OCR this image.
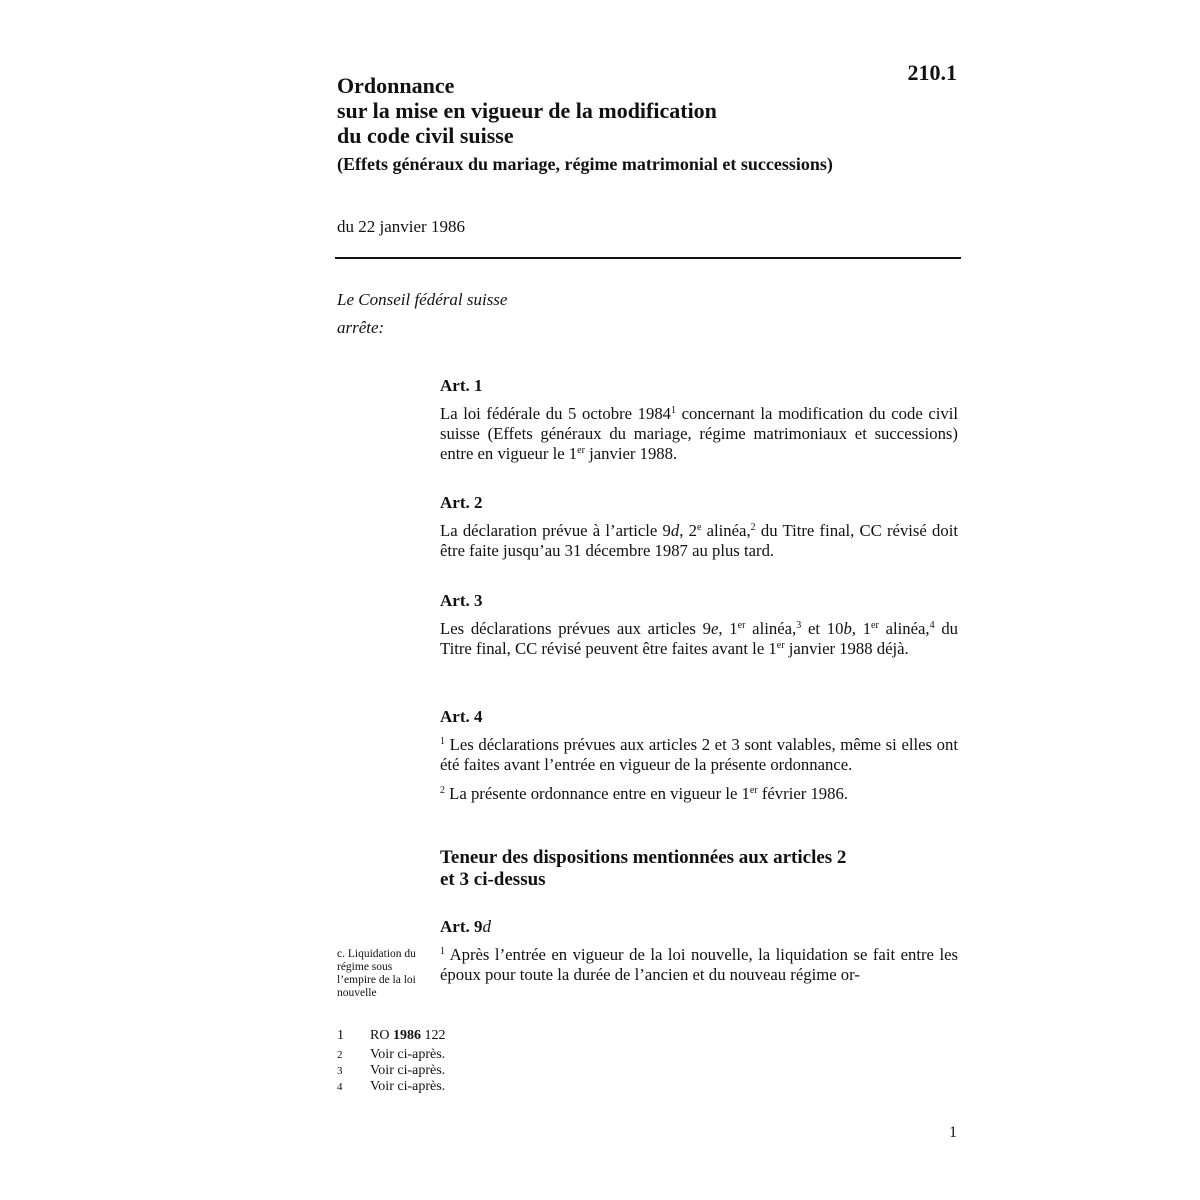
210.1
Ordonnance
sur la mise en vigueur de la modification
du code civil suisse
(Effets généraux du mariage, régime matrimonial et successions)
du 22 janvier 1986
Le Conseil fédéral suisse
arrête:
Art. 1

La loi fédérale du 5 octobre 1984$^1$ concernant la modification du code civil suisse (Effets généraux du mariage, régime matrimoniaux et successions) entre en vigueur le 1er janvier 1988.

Art. 2

La déclaration prévue à l’article 9d, 2e alinéa,$^2$ du Titre final, CC révisé doit être faite jusqu’au 31 décembre 1987 au plus tard.

Art. 3

Les déclarations prévues aux articles 9e, 1er alinéa,$^3$ et 10b, 1er alinéa,$^4$ du Titre final, CC révisé peuvent être faites avant le 1er janvier 1988 déjà.

Art. 4

$^1$ Les déclarations prévues aux articles 2 et 3 sont valables, même si elles ont été faites avant l’entrée en vigueur de la présente ordonnance.

$^2$ La présente ordonnance entre en vigueur le 1er février 1986.

Teneur des dispositions mentionnées aux articles 2
et 3 ci-dessus
Art. 9d

$^1$ Après l’entrée en vigueur de la loi nouvelle, la liquidation se fait entre les époux pour toute la durée de l’ancien et du nouveau régime or-

c. Liquidation du régime sous l’empire de la loi nouvelle
1	RO 1986 122
2	Voir ci-après.
3	Voir ci-après.
4	Voir ci-après.
1
